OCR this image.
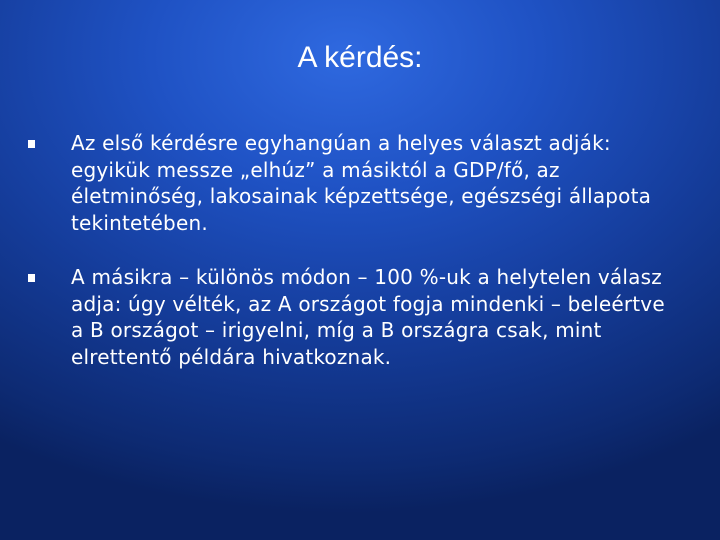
A kérdés:
Az első kérdésre egyhangúan a helyes választ adják: egyikük messze „elhúz” a másiktól a GDP/fő, az életminőség, lakosainak képzettsége, egészségi állapota tekintetében.
A másikra – különös módon – 100 %-uk a helytelen válasz adja: úgy vélték, az A országot fogja mindenki – beleértve a B országot – irigyelni, míg a B országra csak, mint elrettentő példára hivatkoznak.
